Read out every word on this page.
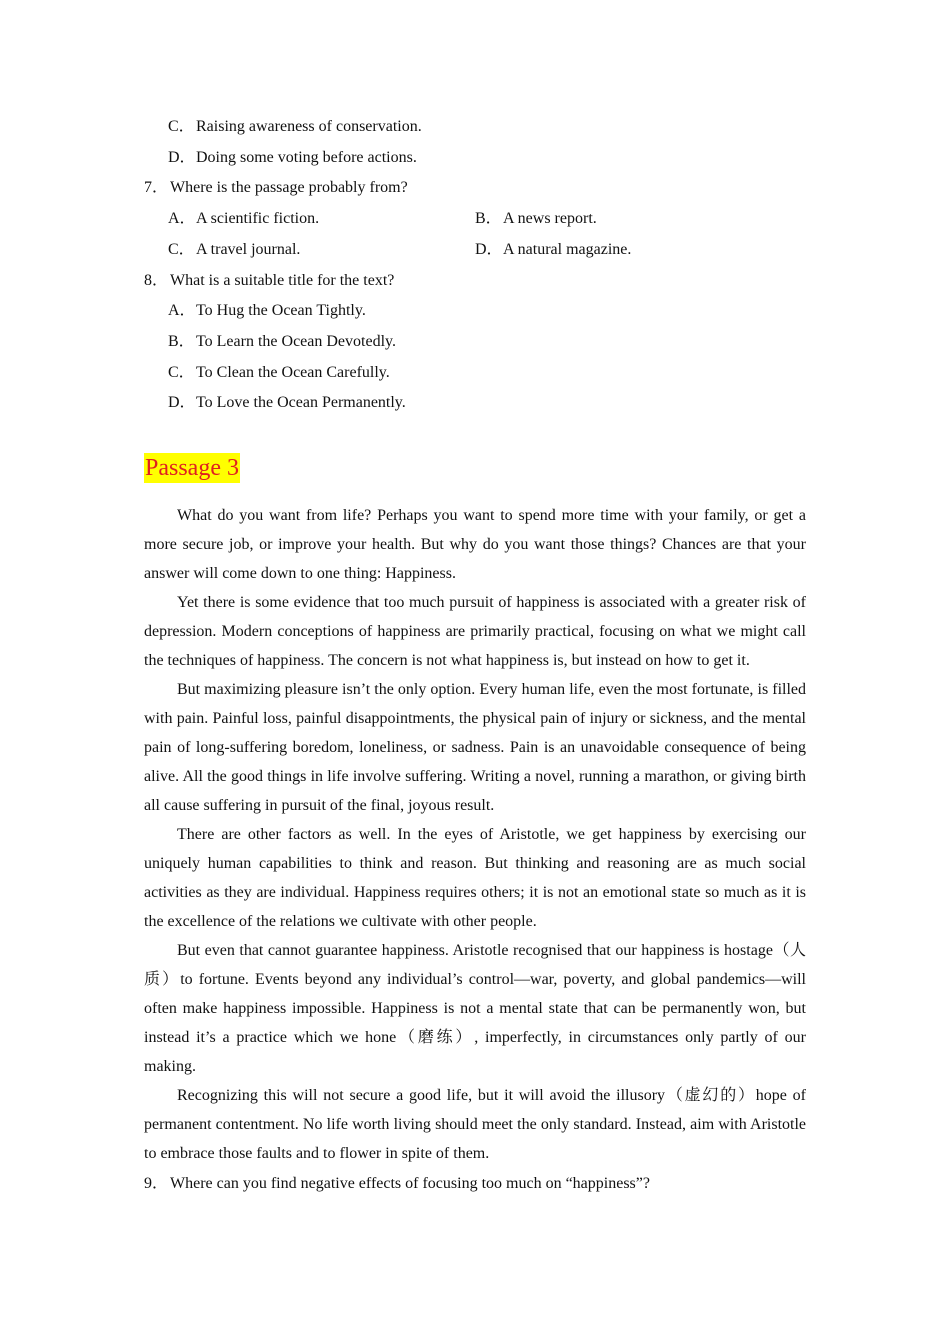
C．Raising awareness of conservation.
D．Doing some voting before actions.
7． Where is the passage probably from?
A．A scientific fiction.	B．A news report.
C．A travel journal.	D．A natural magazine.
8． What is a suitable title for the text?
A．To Hug the Ocean Tightly.
B．To Learn the Ocean Devotedly.
C．To Clean the Ocean Carefully.
D．To Love the Ocean Permanently.
Passage 3

What do you want from life? Perhaps you want to spend more time with your family, or get a more secure job, or improve your health. But why do you want those things? Chances are that your answer will come down to one thing: Happiness.

Yet there is some evidence that too much pursuit of happiness is associated with a greater risk of depression. Modern conceptions of happiness are primarily practical, focusing on what we might call the techniques of happiness. The concern is not what happiness is, but instead on how to get it.

But maximizing pleasure isn’t the only option. Every human life, even the most fortunate, is filled with pain. Painful loss, painful disappointments, the physical pain of injury or sickness, and the mental pain of long-suffering boredom, loneliness, or sadness. Pain is an unavoidable consequence of being alive. All the good things in life involve suffering. Writing a novel, running a marathon, or giving birth all cause suffering in pursuit of the final, joyous result.

There are other factors as well. In the eyes of Aristotle, we get happiness by exercising our uniquely human capabilities to think and reason. But thinking and reasoning are as much social activities as they are individual. Happiness requires others; it is not an emotional state so much as it is the excellence of the relations we cultivate with other people.

But even that cannot guarantee happiness. Aristotle recognised that our happiness is hostage（人质）to fortune. Events beyond any individual’s control—war, poverty, and global pandemics—will often make happiness impossible. Happiness is not a mental state that can be permanently won, but instead it’s a practice which we hone（磨练）, imperfectly, in circumstances only partly of our making.

Recognizing this will not secure a good life, but it will avoid the illusory（虚幻的）hope of permanent contentment. No life worth living should meet the only standard. Instead, aim with Aristotle to embrace those faults and to flower in spite of them.

9． Where can you find negative effects of focusing too much on “happiness”?
